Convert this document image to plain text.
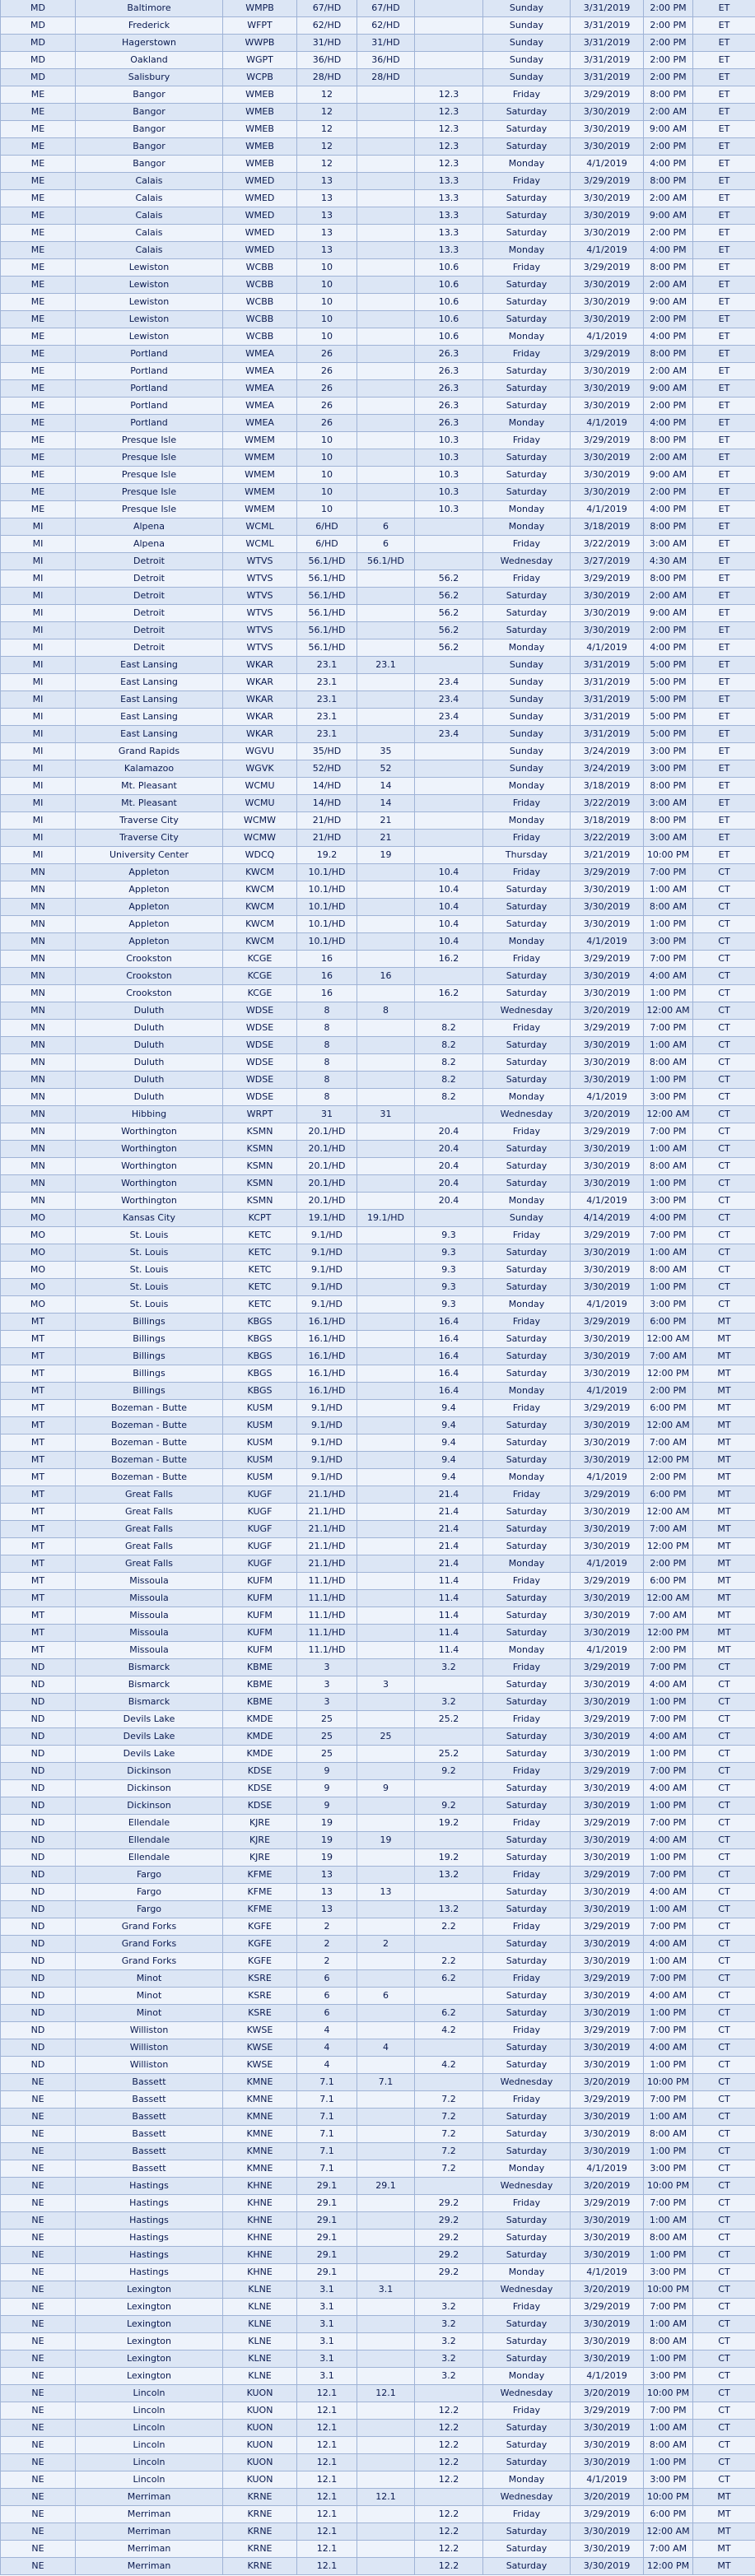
MD	Baltimore	WMPB	67/HD	67/HD		Sunday	3/31/2019	2:00 PM	ET
MD	Frederick	WFPT	62/HD	62/HD		Sunday	3/31/2019	2:00 PM	ET
MD	Hagerstown	WWPB	31/HD	31/HD		Sunday	3/31/2019	2:00 PM	ET
MD	Oakland	WGPT	36/HD	36/HD		Sunday	3/31/2019	2:00 PM	ET
MD	Salisbury	WCPB	28/HD	28/HD		Sunday	3/31/2019	2:00 PM	ET
ME	Bangor	WMEB	12		12.3	Friday	3/29/2019	8:00 PM	ET
ME	Bangor	WMEB	12		12.3	Saturday	3/30/2019	2:00 AM	ET
ME	Bangor	WMEB	12		12.3	Saturday	3/30/2019	9:00 AM	ET
ME	Bangor	WMEB	12		12.3	Saturday	3/30/2019	2:00 PM	ET
ME	Bangor	WMEB	12		12.3	Monday	4/1/2019	4:00 PM	ET
ME	Calais	WMED	13		13.3	Friday	3/29/2019	8:00 PM	ET
ME	Calais	WMED	13		13.3	Saturday	3/30/2019	2:00 AM	ET
ME	Calais	WMED	13		13.3	Saturday	3/30/2019	9:00 AM	ET
ME	Calais	WMED	13		13.3	Saturday	3/30/2019	2:00 PM	ET
ME	Calais	WMED	13		13.3	Monday	4/1/2019	4:00 PM	ET
ME	Lewiston	WCBB	10		10.6	Friday	3/29/2019	8:00 PM	ET
ME	Lewiston	WCBB	10		10.6	Saturday	3/30/2019	2:00 AM	ET
ME	Lewiston	WCBB	10		10.6	Saturday	3/30/2019	9:00 AM	ET
ME	Lewiston	WCBB	10		10.6	Saturday	3/30/2019	2:00 PM	ET
ME	Lewiston	WCBB	10		10.6	Monday	4/1/2019	4:00 PM	ET
ME	Portland	WMEA	26		26.3	Friday	3/29/2019	8:00 PM	ET
ME	Portland	WMEA	26		26.3	Saturday	3/30/2019	2:00 AM	ET
ME	Portland	WMEA	26		26.3	Saturday	3/30/2019	9:00 AM	ET
ME	Portland	WMEA	26		26.3	Saturday	3/30/2019	2:00 PM	ET
ME	Portland	WMEA	26		26.3	Monday	4/1/2019	4:00 PM	ET
ME	Presque Isle	WMEM	10		10.3	Friday	3/29/2019	8:00 PM	ET
ME	Presque Isle	WMEM	10		10.3	Saturday	3/30/2019	2:00 AM	ET
ME	Presque Isle	WMEM	10		10.3	Saturday	3/30/2019	9:00 AM	ET
ME	Presque Isle	WMEM	10		10.3	Saturday	3/30/2019	2:00 PM	ET
ME	Presque Isle	WMEM	10		10.3	Monday	4/1/2019	4:00 PM	ET
MI	Alpena	WCML	6/HD	6		Monday	3/18/2019	8:00 PM	ET
MI	Alpena	WCML	6/HD	6		Friday	3/22/2019	3:00 AM	ET
MI	Detroit	WTVS	56.1/HD	56.1/HD		Wednesday	3/27/2019	4:30 AM	ET
MI	Detroit	WTVS	56.1/HD		56.2	Friday	3/29/2019	8:00 PM	ET
MI	Detroit	WTVS	56.1/HD		56.2	Saturday	3/30/2019	2:00 AM	ET
MI	Detroit	WTVS	56.1/HD		56.2	Saturday	3/30/2019	9:00 AM	ET
MI	Detroit	WTVS	56.1/HD		56.2	Saturday	3/30/2019	2:00 PM	ET
MI	Detroit	WTVS	56.1/HD		56.2	Monday	4/1/2019	4:00 PM	ET
MI	East Lansing	WKAR	23.1	23.1		Sunday	3/31/2019	5:00 PM	ET
MI	East Lansing	WKAR	23.1		23.4	Sunday	3/31/2019	5:00 PM	ET
MI	East Lansing	WKAR	23.1		23.4	Sunday	3/31/2019	5:00 PM	ET
MI	East Lansing	WKAR	23.1		23.4	Sunday	3/31/2019	5:00 PM	ET
MI	East Lansing	WKAR	23.1		23.4	Sunday	3/31/2019	5:00 PM	ET
MI	Grand Rapids	WGVU	35/HD	35		Sunday	3/24/2019	3:00 PM	ET
MI	Kalamazoo	WGVK	52/HD	52		Sunday	3/24/2019	3:00 PM	ET
MI	Mt. Pleasant	WCMU	14/HD	14		Monday	3/18/2019	8:00 PM	ET
MI	Mt. Pleasant	WCMU	14/HD	14		Friday	3/22/2019	3:00 AM	ET
MI	Traverse City	WCMW	21/HD	21		Monday	3/18/2019	8:00 PM	ET
MI	Traverse City	WCMW	21/HD	21		Friday	3/22/2019	3:00 AM	ET
MI	University Center	WDCQ	19.2	19		Thursday	3/21/2019	10:00 PM	ET
MN	Appleton	KWCM	10.1/HD		10.4	Friday	3/29/2019	7:00 PM	CT
MN	Appleton	KWCM	10.1/HD		10.4	Saturday	3/30/2019	1:00 AM	CT
MN	Appleton	KWCM	10.1/HD		10.4	Saturday	3/30/2019	8:00 AM	CT
MN	Appleton	KWCM	10.1/HD		10.4	Saturday	3/30/2019	1:00 PM	CT
MN	Appleton	KWCM	10.1/HD		10.4	Monday	4/1/2019	3:00 PM	CT
MN	Crookston	KCGE	16		16.2	Friday	3/29/2019	7:00 PM	CT
MN	Crookston	KCGE	16	16		Saturday	3/30/2019	4:00 AM	CT
MN	Crookston	KCGE	16		16.2	Saturday	3/30/2019	1:00 PM	CT
MN	Duluth	WDSE	8	8		Wednesday	3/20/2019	12:00 AM	CT
MN	Duluth	WDSE	8		8.2	Friday	3/29/2019	7:00 PM	CT
MN	Duluth	WDSE	8		8.2	Saturday	3/30/2019	1:00 AM	CT
MN	Duluth	WDSE	8		8.2	Saturday	3/30/2019	8:00 AM	CT
MN	Duluth	WDSE	8		8.2	Saturday	3/30/2019	1:00 PM	CT
MN	Duluth	WDSE	8		8.2	Monday	4/1/2019	3:00 PM	CT
MN	Hibbing	WRPT	31	31		Wednesday	3/20/2019	12:00 AM	CT
MN	Worthington	KSMN	20.1/HD		20.4	Friday	3/29/2019	7:00 PM	CT
MN	Worthington	KSMN	20.1/HD		20.4	Saturday	3/30/2019	1:00 AM	CT
MN	Worthington	KSMN	20.1/HD		20.4	Saturday	3/30/2019	8:00 AM	CT
MN	Worthington	KSMN	20.1/HD		20.4	Saturday	3/30/2019	1:00 PM	CT
MN	Worthington	KSMN	20.1/HD		20.4	Monday	4/1/2019	3:00 PM	CT
MO	Kansas City	KCPT	19.1/HD	19.1/HD		Sunday	4/14/2019	4:00 PM	CT
MO	St. Louis	KETC	9.1/HD		9.3	Friday	3/29/2019	7:00 PM	CT
MO	St. Louis	KETC	9.1/HD		9.3	Saturday	3/30/2019	1:00 AM	CT
MO	St. Louis	KETC	9.1/HD		9.3	Saturday	3/30/2019	8:00 AM	CT
MO	St. Louis	KETC	9.1/HD		9.3	Saturday	3/30/2019	1:00 PM	CT
MO	St. Louis	KETC	9.1/HD		9.3	Monday	4/1/2019	3:00 PM	CT
MT	Billings	KBGS	16.1/HD		16.4	Friday	3/29/2019	6:00 PM	MT
MT	Billings	KBGS	16.1/HD		16.4	Saturday	3/30/2019	12:00 AM	MT
MT	Billings	KBGS	16.1/HD		16.4	Saturday	3/30/2019	7:00 AM	MT
MT	Billings	KBGS	16.1/HD		16.4	Saturday	3/30/2019	12:00 PM	MT
MT	Billings	KBGS	16.1/HD		16.4	Monday	4/1/2019	2:00 PM	MT
MT	Bozeman - Butte	KUSM	9.1/HD		9.4	Friday	3/29/2019	6:00 PM	MT
MT	Bozeman - Butte	KUSM	9.1/HD		9.4	Saturday	3/30/2019	12:00 AM	MT
MT	Bozeman - Butte	KUSM	9.1/HD		9.4	Saturday	3/30/2019	7:00 AM	MT
MT	Bozeman - Butte	KUSM	9.1/HD		9.4	Saturday	3/30/2019	12:00 PM	MT
MT	Bozeman - Butte	KUSM	9.1/HD		9.4	Monday	4/1/2019	2:00 PM	MT
MT	Great Falls	KUGF	21.1/HD		21.4	Friday	3/29/2019	6:00 PM	MT
MT	Great Falls	KUGF	21.1/HD		21.4	Saturday	3/30/2019	12:00 AM	MT
MT	Great Falls	KUGF	21.1/HD		21.4	Saturday	3/30/2019	7:00 AM	MT
MT	Great Falls	KUGF	21.1/HD		21.4	Saturday	3/30/2019	12:00 PM	MT
MT	Great Falls	KUGF	21.1/HD		21.4	Monday	4/1/2019	2:00 PM	MT
MT	Missoula	KUFM	11.1/HD		11.4	Friday	3/29/2019	6:00 PM	MT
MT	Missoula	KUFM	11.1/HD		11.4	Saturday	3/30/2019	12:00 AM	MT
MT	Missoula	KUFM	11.1/HD		11.4	Saturday	3/30/2019	7:00 AM	MT
MT	Missoula	KUFM	11.1/HD		11.4	Saturday	3/30/2019	12:00 PM	MT
MT	Missoula	KUFM	11.1/HD		11.4	Monday	4/1/2019	2:00 PM	MT
ND	Bismarck	KBME	3		3.2	Friday	3/29/2019	7:00 PM	CT
ND	Bismarck	KBME	3	3		Saturday	3/30/2019	4:00 AM	CT
ND	Bismarck	KBME	3		3.2	Saturday	3/30/2019	1:00 PM	CT
ND	Devils Lake	KMDE	25		25.2	Friday	3/29/2019	7:00 PM	CT
ND	Devils Lake	KMDE	25	25		Saturday	3/30/2019	4:00 AM	CT
ND	Devils Lake	KMDE	25		25.2	Saturday	3/30/2019	1:00 PM	CT
ND	Dickinson	KDSE	9		9.2	Friday	3/29/2019	7:00 PM	CT
ND	Dickinson	KDSE	9	9		Saturday	3/30/2019	4:00 AM	CT
ND	Dickinson	KDSE	9		9.2	Saturday	3/30/2019	1:00 PM	CT
ND	Ellendale	KJRE	19		19.2	Friday	3/29/2019	7:00 PM	CT
ND	Ellendale	KJRE	19	19		Saturday	3/30/2019	4:00 AM	CT
ND	Ellendale	KJRE	19		19.2	Saturday	3/30/2019	1:00 PM	CT
ND	Fargo	KFME	13		13.2	Friday	3/29/2019	7:00 PM	CT
ND	Fargo	KFME	13	13		Saturday	3/30/2019	4:00 AM	CT
ND	Fargo	KFME	13		13.2	Saturday	3/30/2019	1:00 AM	CT
ND	Grand Forks	KGFE	2		2.2	Friday	3/29/2019	7:00 PM	CT
ND	Grand Forks	KGFE	2	2		Saturday	3/30/2019	4:00 AM	CT
ND	Grand Forks	KGFE	2		2.2	Saturday	3/30/2019	1:00 AM	CT
ND	Minot	KSRE	6		6.2	Friday	3/29/2019	7:00 PM	CT
ND	Minot	KSRE	6	6		Saturday	3/30/2019	4:00 AM	CT
ND	Minot	KSRE	6		6.2	Saturday	3/30/2019	1:00 PM	CT
ND	Williston	KWSE	4		4.2	Friday	3/29/2019	7:00 PM	CT
ND	Williston	KWSE	4	4		Saturday	3/30/2019	4:00 AM	CT
ND	Williston	KWSE	4		4.2	Saturday	3/30/2019	1:00 PM	CT
NE	Bassett	KMNE	7.1	7.1		Wednesday	3/20/2019	10:00 PM	CT
NE	Bassett	KMNE	7.1		7.2	Friday	3/29/2019	7:00 PM	CT
NE	Bassett	KMNE	7.1		7.2	Saturday	3/30/2019	1:00 AM	CT
NE	Bassett	KMNE	7.1		7.2	Saturday	3/30/2019	8:00 AM	CT
NE	Bassett	KMNE	7.1		7.2	Saturday	3/30/2019	1:00 PM	CT
NE	Bassett	KMNE	7.1		7.2	Monday	4/1/2019	3:00 PM	CT
NE	Hastings	KHNE	29.1	29.1		Wednesday	3/20/2019	10:00 PM	CT
NE	Hastings	KHNE	29.1		29.2	Friday	3/29/2019	7:00 PM	CT
NE	Hastings	KHNE	29.1		29.2	Saturday	3/30/2019	1:00 AM	CT
NE	Hastings	KHNE	29.1		29.2	Saturday	3/30/2019	8:00 AM	CT
NE	Hastings	KHNE	29.1		29.2	Saturday	3/30/2019	1:00 PM	CT
NE	Hastings	KHNE	29.1		29.2	Monday	4/1/2019	3:00 PM	CT
NE	Lexington	KLNE	3.1	3.1		Wednesday	3/20/2019	10:00 PM	CT
NE	Lexington	KLNE	3.1		3.2	Friday	3/29/2019	7:00 PM	CT
NE	Lexington	KLNE	3.1		3.2	Saturday	3/30/2019	1:00 AM	CT
NE	Lexington	KLNE	3.1		3.2	Saturday	3/30/2019	8:00 AM	CT
NE	Lexington	KLNE	3.1		3.2	Saturday	3/30/2019	1:00 PM	CT
NE	Lexington	KLNE	3.1		3.2	Monday	4/1/2019	3:00 PM	CT
NE	Lincoln	KUON	12.1	12.1		Wednesday	3/20/2019	10:00 PM	CT
NE	Lincoln	KUON	12.1		12.2	Friday	3/29/2019	7:00 PM	CT
NE	Lincoln	KUON	12.1		12.2	Saturday	3/30/2019	1:00 AM	CT
NE	Lincoln	KUON	12.1		12.2	Saturday	3/30/2019	8:00 AM	CT
NE	Lincoln	KUON	12.1		12.2	Saturday	3/30/2019	1:00 PM	CT
NE	Lincoln	KUON	12.1		12.2	Monday	4/1/2019	3:00 PM	CT
NE	Merriman	KRNE	12.1	12.1		Wednesday	3/20/2019	10:00 PM	MT
NE	Merriman	KRNE	12.1		12.2	Friday	3/29/2019	6:00 PM	MT
NE	Merriman	KRNE	12.1		12.2	Saturday	3/30/2019	12:00 AM	MT
NE	Merriman	KRNE	12.1		12.2	Saturday	3/30/2019	7:00 AM	MT
NE	Merriman	KRNE	12.1		12.2	Saturday	3/30/2019	12:00 PM	MT
